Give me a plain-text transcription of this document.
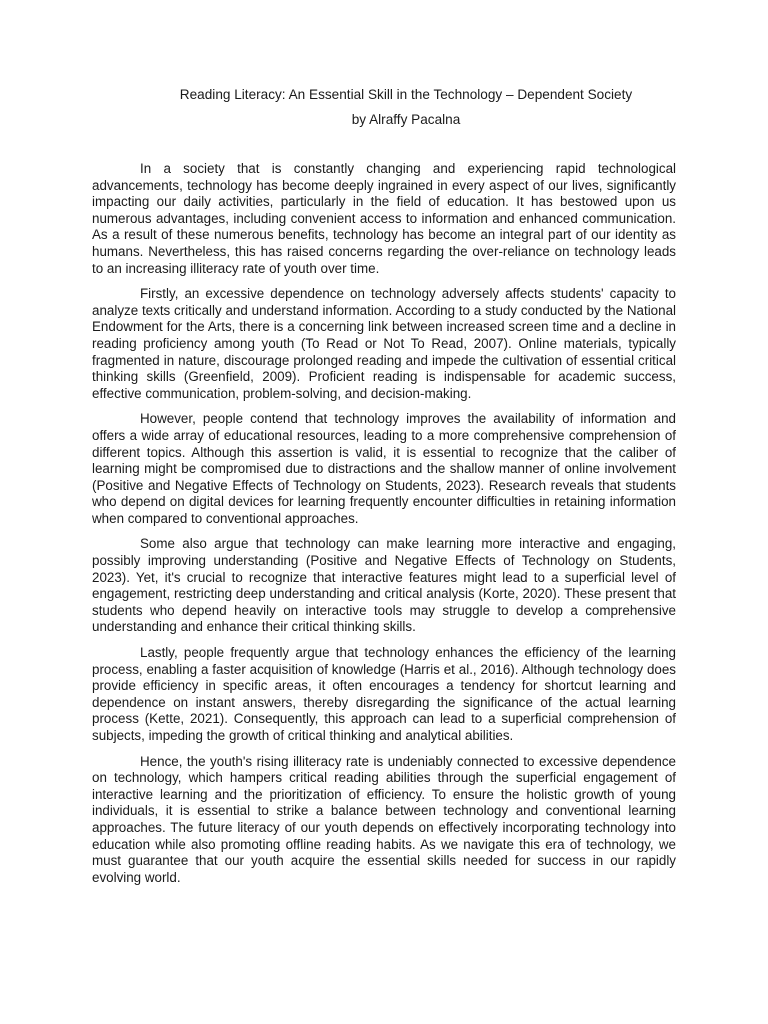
Reading Literacy: An Essential Skill in the Technology – Dependent Society
by Alraffy Pacalna

In a society that is constantly changing and experiencing rapid technological advancements, technology has become deeply ingrained in every aspect of our lives, significantly impacting our daily activities, particularly in the field of education. It has bestowed upon us numerous advantages, including convenient access to information and enhanced communication. As a result of these numerous benefits, technology has become an integral part of our identity as humans. Nevertheless, this has raised concerns regarding the over-reliance on technology leads to an increasing illiteracy rate of youth over time.

Firstly, an excessive dependence on technology adversely affects students' capacity to analyze texts critically and understand information. According to a study conducted by the National Endowment for the Arts, there is a concerning link between increased screen time and a decline in reading proficiency among youth (To Read or Not To Read, 2007). Online materials, typically fragmented in nature, discourage prolonged reading and impede the cultivation of essential critical thinking skills (Greenfield, 2009). Proficient reading is indispensable for academic success, effective communication, problem-solving, and decision-making.

However, people contend that technology improves the availability of information and offers a wide array of educational resources, leading to a more comprehensive comprehension of different topics. Although this assertion is valid, it is essential to recognize that the caliber of learning might be compromised due to distractions and the shallow manner of online involvement (Positive and Negative Effects of Technology on Students, 2023). Research reveals that students who depend on digital devices for learning frequently encounter difficulties in retaining information when compared to conventional approaches.

Some also argue that technology can make learning more interactive and engaging, possibly improving understanding (Positive and Negative Effects of Technology on Students, 2023). Yet, it's crucial to recognize that interactive features might lead to a superficial level of engagement, restricting deep understanding and critical analysis (Korte, 2020). These present that students who depend heavily on interactive tools may struggle to develop a comprehensive understanding and enhance their critical thinking skills.

Lastly, people frequently argue that technology enhances the efficiency of the learning process, enabling a faster acquisition of knowledge (Harris et al., 2016). Although technology does provide efficiency in specific areas, it often encourages a tendency for shortcut learning and dependence on instant answers, thereby disregarding the significance of the actual learning process (Kette, 2021). Consequently, this approach can lead to a superficial comprehension of subjects, impeding the growth of critical thinking and analytical abilities.

Hence, the youth's rising illiteracy rate is undeniably connected to excessive dependence on technology, which hampers critical reading abilities through the superficial engagement of interactive learning and the prioritization of efficiency. To ensure the holistic growth of young individuals, it is essential to strike a balance between technology and conventional learning approaches. The future literacy of our youth depends on effectively incorporating technology into education while also promoting offline reading habits. As we navigate this era of technology, we must guarantee that our youth acquire the essential skills needed for success in our rapidly evolving world.
